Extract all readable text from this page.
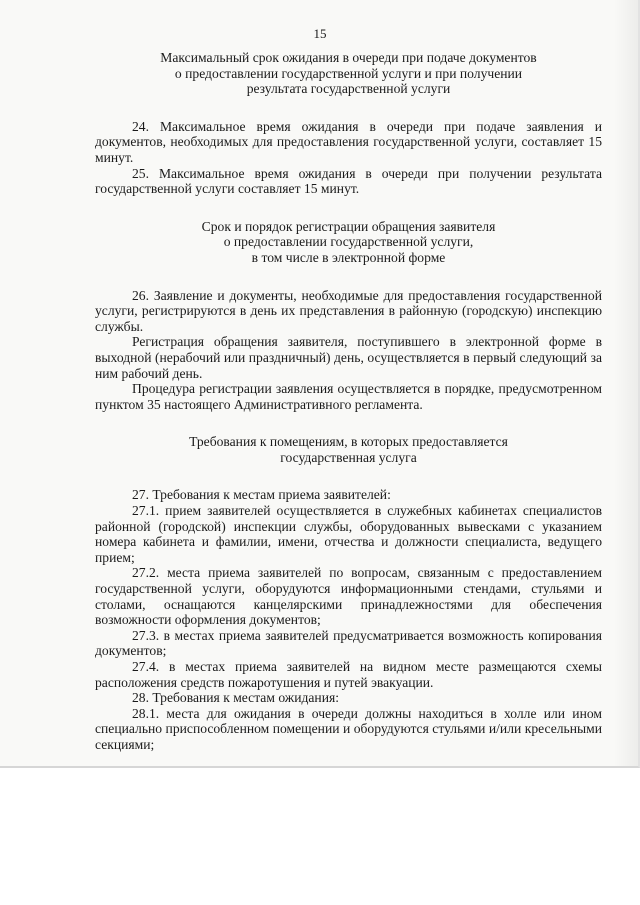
15
Максимальный срок ожидания в очереди при подаче документов
о предоставлении государственной услуги и при получении
результата государственной услуги

24. Максимальное время ожидания в очереди при подаче заявления и документов, необходимых для предоставления государственной услуги, составляет 15 минут.

25. Максимальное время ожидания в очереди при получении результата государственной услуги составляет 15 минут.

Срок и порядок регистрации обращения заявителя
о предоставлении государственной услуги,
в том числе в электронной форме

26. Заявление и документы, необходимые для предоставления государственной услуги, регистрируются в день их представления в районную (городскую) инспекцию службы.

Регистрация обращения заявителя, поступившего в электронной форме в выходной (нерабочий или праздничный) день, осуществляется в первый следующий за ним рабочий день.

Процедура регистрации заявления осуществляется в порядке, предусмотренном пунктом 35 настоящего Административного регламента.

Требования к помещениям, в которых предоставляется
государственная услуга

27. Требования к местам приема заявителей:

27.1. прием заявителей осуществляется в служебных кабинетах специалистов районной (городской) инспекции службы, оборудованных вывесками с указанием номера кабинета и фамилии, имени, отчества и должности специалиста, ведущего прием;

27.2. места приема заявителей по вопросам, связанным с предоставлением государственной услуги, оборудуются информационными стендами, стульями и столами, оснащаются канцелярскими принадлежностями для обеспечения возможности оформления документов;

27.3. в местах приема заявителей предусматривается возможность копирования документов;

27.4. в местах приема заявителей на видном месте размещаются схемы расположения средств пожаротушения и путей эвакуации.

28. Требования к местам ожидания:

28.1. места для ожидания в очереди должны находиться в холле или ином специально приспособленном помещении и оборудуются стульями и/или кресельными секциями;
